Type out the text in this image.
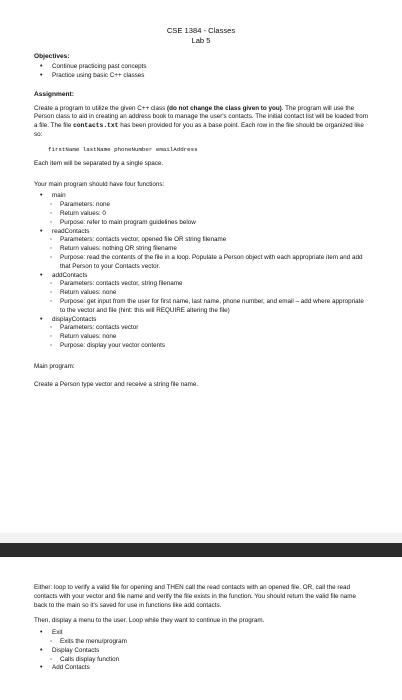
CSE 1384 - Classes
Lab 5
Objectives:
• Continue practicing past concepts
• Practice using basic C++ classes
Assignment:

Create a program to utilize the given C++ class (do not change the class given to you). The program will use the Person class to aid in creating an address book to manage the user's contacts. The initial contact list will be loaded from a file. The file contacts.txt has been provided for you as a base point. Each row in the file should be organized like so:

firstName lastName phoneNumber emailAddress

Each item will be separated by a single space.

Your main program should have four functions:

• main
◦ Parameters: none
◦ Return values: 0
◦ Purpose: refer to main program guidelines below
• readContacts
◦ Parameters: contacts vector, opened file OR string filename
◦ Return values: nothing OR string filename
◦ Purpose: read the contents of the file in a loop. Populate a Person object with each appropriate item and add that Person to your Contacts vector.
• addContacts
◦ Parameters: contacts vector, string filename
◦ Return values: none
◦ Purpose: get input from the user for first name, last name, phone number, and email – add where appropriate to the vector and file (hint: this will REQUIRE altering the file)
• displayContacts
◦ Parameters: contacts vector
◦ Return values: none
◦ Purpose: display your vector contents

Main program:

Create a Person type vector and receive a string file name.

Either: loop to verify a valid file for opening and THEN call the read contacts with an opened file. OR, call the read contacts with your vector and file name and verify the file exists in the function. You should return the valid file name back to the main so it's saved for use in functions like add contacts.

Then, display a menu to the user. Loop while they want to continue in the program.

• Exit
◦ Exits the menu/program
• Display Contacts
◦ Calls display function
• Add Contacts
